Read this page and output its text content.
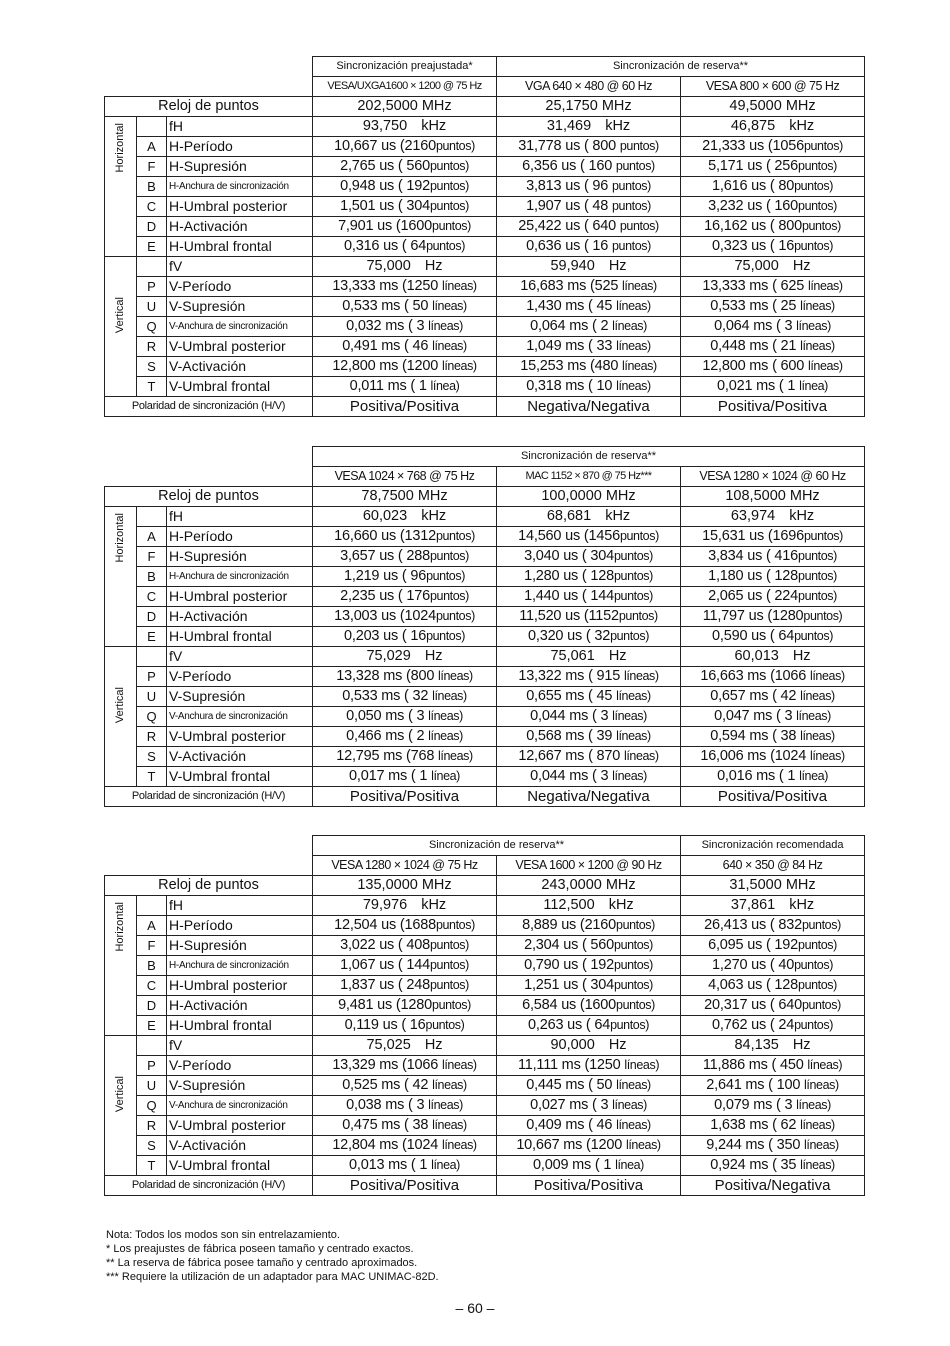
			Sincronización preajustada*	Sincronización de reserva**	
			VESA/UXGA1600 × 1200 @ 75 Hz	VGA 640 × 480 @ 60 Hz	VESA 800 × 600 @ 75 Hz
Reloj de puntos			202,5000 MHz	25,1750 MHz	49,5000 MHz
Horizontal		fH	93,750 kHz	31,469 kHz	46,875 kHz
	A	H-Período	10,667 us (2160puntos)	31,778 us ( 800 puntos)	21,333 us (1056puntos)
	F	H-Supresión	2,765 us ( 560puntos)	6,356 us ( 160 puntos)	5,171 us ( 256puntos)
	B	H-Anchura de sincronización	0,948 us ( 192puntos)	3,813 us ( 96 puntos)	1,616 us ( 80puntos)
	C	H-Umbral posterior	1,501 us ( 304puntos)	1,907 us ( 48 puntos)	3,232 us ( 160puntos)
	D	H-Activación	7,901 us (1600puntos)	25,422 us ( 640 puntos)	16,162 us ( 800puntos)
	E	H-Umbral frontal	0,316 us ( 64puntos)	0,636 us ( 16 puntos)	0,323 us ( 16puntos)
Vertical		fV	75,000 Hz	59,940 Hz	75,000 Hz
	P	V-Período	13,333 ms (1250 líneas)	16,683 ms (525 líneas)	13,333 ms ( 625 líneas)
	U	V-Supresión	0,533 ms ( 50 líneas)	1,430 ms ( 45 líneas)	0,533 ms ( 25 líneas)
	Q	V-Anchura de sincronización	0,032 ms ( 3 líneas)	0,064 ms ( 2 líneas)	0,064 ms ( 3 líneas)
	R	V-Umbral posterior	0,491 ms ( 46 líneas)	1,049 ms ( 33 líneas)	0,448 ms ( 21 líneas)
	S	V-Activación	12,800 ms (1200 líneas)	15,253 ms (480 líneas)	12,800 ms ( 600 líneas)
	T	V-Umbral frontal	0,011 ms ( 1 línea)	0,318 ms ( 10 líneas)	0,021 ms ( 1 línea)
Polaridad de sincronización (H/V)			Positiva/Positiva	Negativa/Negativa	Positiva/Positiva
			Sincronización de reserva**		
			VESA 1024 × 768 @ 75 Hz	MAC 1152 × 870 @ 75 Hz***	VESA 1280 × 1024 @ 60 Hz
Reloj de puntos			78,7500 MHz	100,0000 MHz	108,5000 MHz
Horizontal		fH	60,023 kHz	68,681 kHz	63,974 kHz
	A	H-Período	16,660 us (1312puntos)	14,560 us (1456puntos)	15,631 us (1696puntos)
	F	H-Supresión	3,657 us ( 288puntos)	3,040 us ( 304puntos)	3,834 us ( 416puntos)
	B	H-Anchura de sincronización	1,219 us ( 96puntos)	1,280 us ( 128puntos)	1,180 us ( 128puntos)
	C	H-Umbral posterior	2,235 us ( 176puntos)	1,440 us ( 144puntos)	2,065 us ( 224puntos)
	D	H-Activación	13,003 us (1024puntos)	11,520 us (1152puntos)	11,797 us (1280puntos)
	E	H-Umbral frontal	0,203 us ( 16puntos)	0,320 us ( 32puntos)	0,590 us ( 64puntos)
Vertical		fV	75,029 Hz	75,061 Hz	60,013 Hz
	P	V-Período	13,328 ms (800 líneas)	13,322 ms ( 915 líneas)	16,663 ms (1066 líneas)
	U	V-Supresión	0,533 ms ( 32 líneas)	0,655 ms ( 45 líneas)	0,657 ms ( 42 líneas)
	Q	V-Anchura de sincronización	0,050 ms ( 3 líneas)	0,044 ms ( 3 líneas)	0,047 ms ( 3 líneas)
	R	V-Umbral posterior	0,466 ms ( 2 líneas)	0,568 ms ( 39 líneas)	0,594 ms ( 38 líneas)
	S	V-Activación	12,795 ms (768 líneas)	12,667 ms ( 870 líneas)	16,006 ms (1024 líneas)
	T	V-Umbral frontal	0,017 ms ( 1 línea)	0,044 ms ( 3 líneas)	0,016 ms ( 1 línea)
Polaridad de sincronización (H/V)			Positiva/Positiva	Negativa/Negativa	Positiva/Positiva
			Sincronización de reserva**		Sincronización recomendada
			VESA 1280 × 1024 @ 75 Hz	VESA 1600 × 1200 @ 90 Hz	640 × 350 @ 84 Hz
Reloj de puntos			135,0000 MHz	243,0000 MHz	31,5000 MHz
Horizontal		fH	79,976 kHz	112,500 kHz	37,861 kHz
	A	H-Período	12,504 us (1688puntos)	8,889 us (2160puntos)	26,413 us ( 832puntos)
	F	H-Supresión	3,022 us ( 408puntos)	2,304 us ( 560puntos)	6,095 us ( 192puntos)
	B	H-Anchura de sincronización	1,067 us ( 144puntos)	0,790 us ( 192puntos)	1,270 us ( 40puntos)
	C	H-Umbral posterior	1,837 us ( 248puntos)	1,251 us ( 304puntos)	4,063 us ( 128puntos)
	D	H-Activación	9,481 us (1280puntos)	6,584 us (1600puntos)	20,317 us ( 640puntos)
	E	H-Umbral frontal	0,119 us ( 16puntos)	0,263 us ( 64puntos)	0,762 us ( 24puntos)
Vertical		fV	75,025 Hz	90,000 Hz	84,135 Hz
	P	V-Período	13,329 ms (1066 líneas)	11,111 ms (1250 líneas)	11,886 ms ( 450 líneas)
	U	V-Supresión	0,525 ms ( 42 líneas)	0,445 ms ( 50 líneas)	2,641 ms ( 100 líneas)
	Q	V-Anchura de sincronización	0,038 ms ( 3 líneas)	0,027 ms ( 3 líneas)	0,079 ms ( 3 líneas)
	R	V-Umbral posterior	0,475 ms ( 38 líneas)	0,409 ms ( 46 líneas)	1,638 ms ( 62 líneas)
	S	V-Activación	12,804 ms (1024 líneas)	10,667 ms (1200 líneas)	9,244 ms ( 350 líneas)
	T	V-Umbral frontal	0,013 ms ( 1 línea)	0,009 ms ( 1 línea)	0,924 ms ( 35 líneas)
Polaridad de sincronización (H/V)			Positiva/Positiva	Positiva/Positiva	Positiva/Negativa
Nota: Todos los modos son sin entrelazamiento.
* Los preajustes de fábrica poseen tamaño y centrado exactos.
** La reserva de fábrica posee tamaño y centrado aproximados.
*** Requiere la utilización de un adaptador para MAC UNIMAC-82D.
– 60 –
